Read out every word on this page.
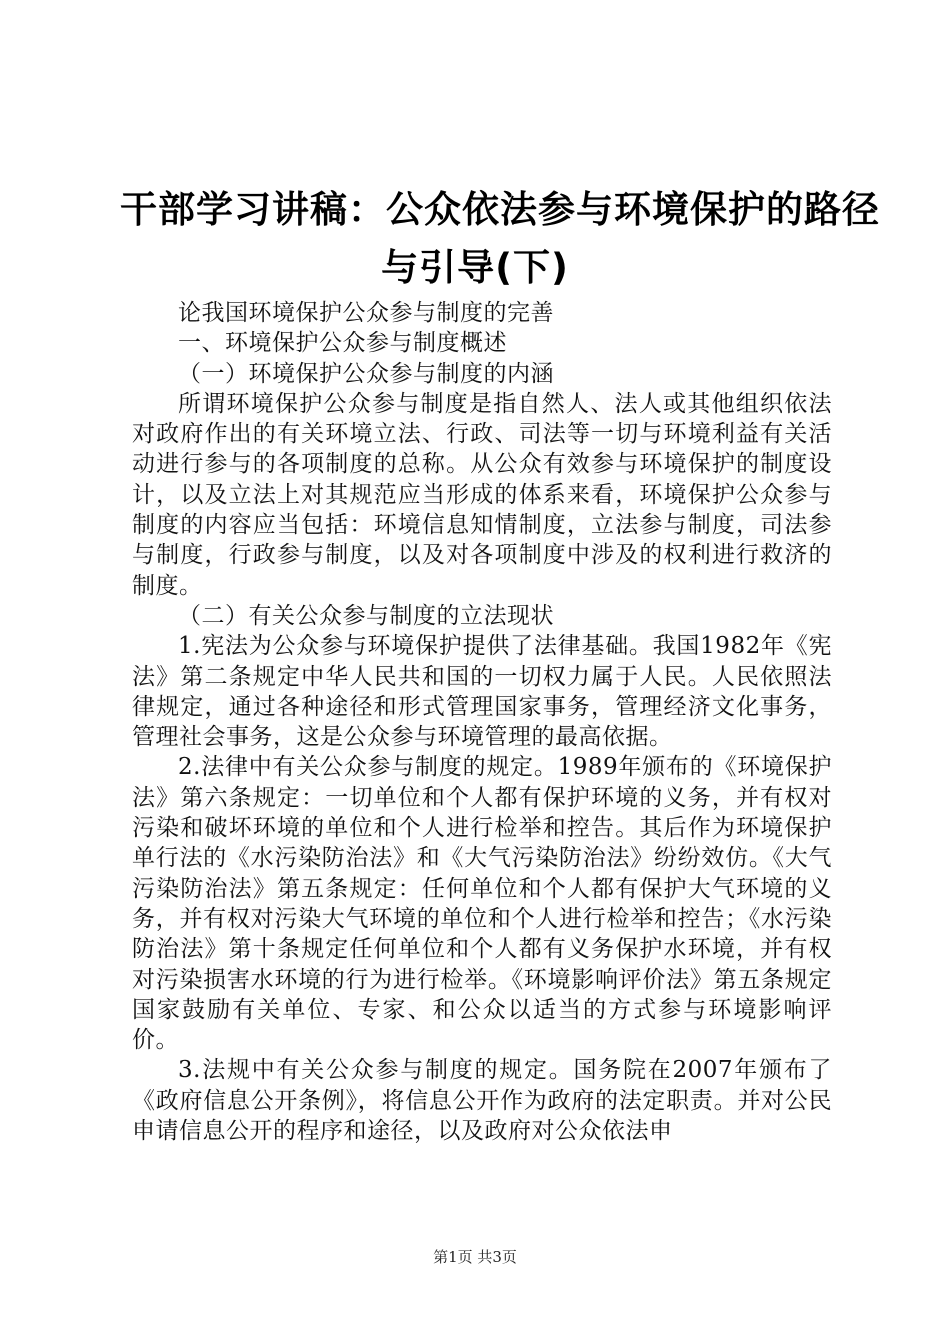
干部学习讲稿：公众依法参与环境保护的路径
与引导(下)

论我国环境保护公众参与制度的完善

一、环境保护公众参与制度概述

（一）环境保护公众参与制度的内涵

所谓环境保护公众参与制度是指自然人、法人或其他组织依法对政府作出的有关环境立法、行政、司法等一切与环境利益有关活动进行参与的各项制度的总称。从公众有效参与环境保护的制度设计，以及立法上对其规范应当形成的体系来看，环境保护公众参与制度的内容应当包括：环境信息知情制度，立法参与制度，司法参与制度，行政参与制度，以及对各项制度中涉及的权利进行救济的制度。

（二）有关公众参与制度的立法现状

1.宪法为公众参与环境保护提供了法律基础。我国1982年《宪法》第二条规定中华人民共和国的一切权力属于人民。人民依照法律规定，通过各种途径和形式管理国家事务，管理经济文化事务，管理社会事务，这是公众参与环境管理的最高依据。

2.法律中有关公众参与制度的规定。1989年颁布的《环境保护法》第六条规定：一切单位和个人都有保护环境的义务，并有权对污染和破坏环境的单位和个人进行检举和控告。其后作为环境保护单行法的《水污染防治法》和《大气污染防治法》纷纷效仿。《大气污染防治法》第五条规定：任何单位和个人都有保护大气环境的义务，并有权对污染大气环境的单位和个人进行检举和控告；《水污染防治法》第十条规定任何单位和个人都有义务保护水环境，并有权对污染损害水环境的行为进行检举。《环境影响评价法》第五条规定国家鼓励有关单位、专家、和公众以适当的方式参与环境影响评价。

3.法规中有关公众参与制度的规定。国务院在2007年颁布了《政府信息公开条例》，将信息公开作为政府的法定职责。并对公民申请信息公开的程序和途径，以及政府对公众依法申

第1页 共3页
